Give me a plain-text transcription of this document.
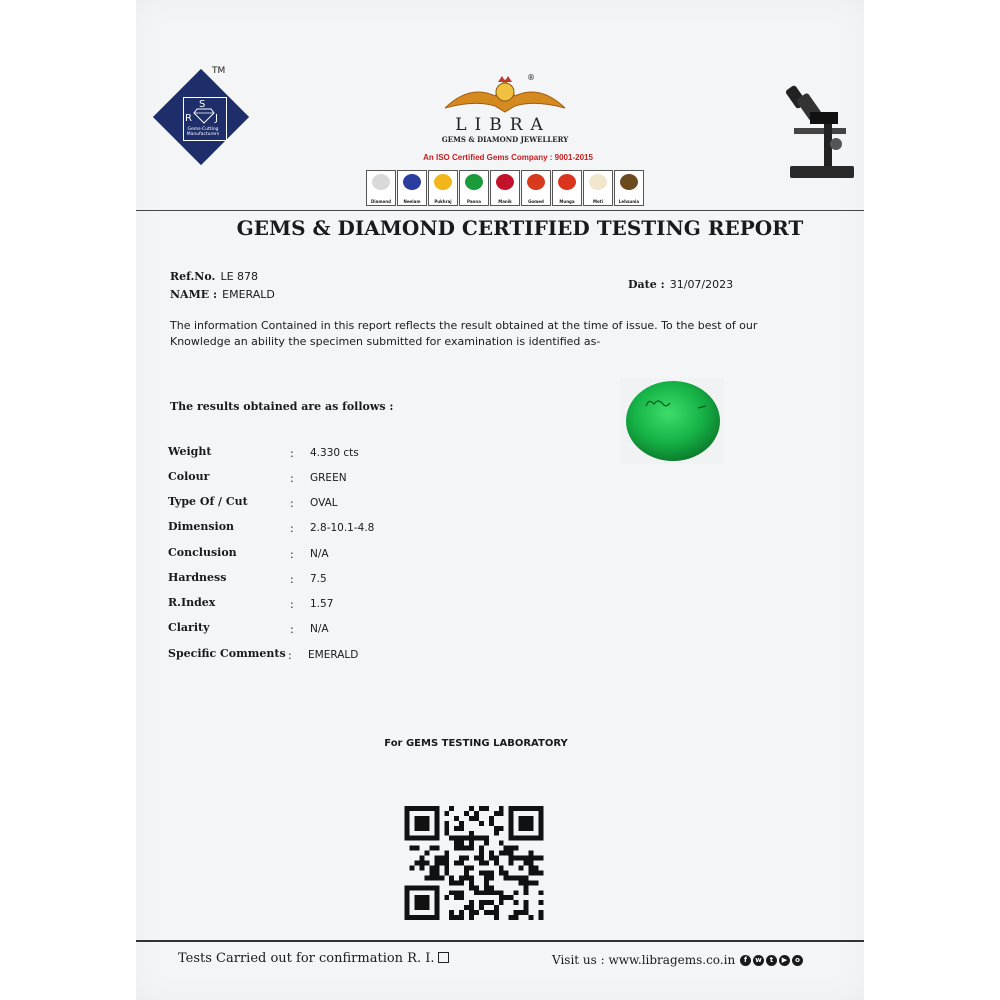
S
R J
Gems-Cutting Manufacturers
TM
®
LIBRA
GEMS & DIAMOND JEWELLERY
An ISO Certified Gems Company : 9001-2015
Diamond	Neelam	Pukhraj	Panna	Manik	Gomed	Munga	Moti	Lehsunia
GEMS & DIAMOND CERTIFIED TESTING REPORT
Ref.No. LE 878
NAME : EMERALD
Date : 31/07/2023
The information Contained in this report reflects the result obtained at the time of issue. To the best of our Knowledge an ability the specimen submitted for examination is identified as-
The results obtained are as follows :
Weight	: 4.330 cts
Colour	: GREEN
Type Of / Cut	: OVAL
Dimension	: 2.8-10.1-4.8
Conclusion	: N/A
Hardness	: 7.5
R.Index	: 1.57
Clarity	: N/A
Specific Comments : EMERALD
For GEMS TESTING LABORATORY
Tests Carried out for confirmation R. I.	Visit us : www.libragems.co.in	f	w	t	▶	o
